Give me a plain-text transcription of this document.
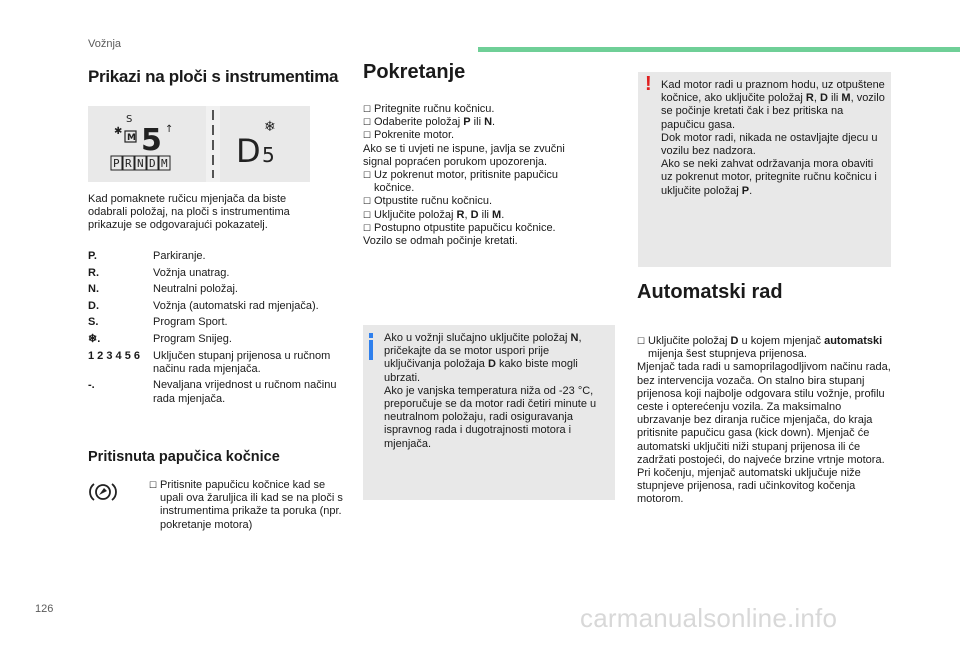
Vožnja
Prikazi na ploči s instrumentima
S
✱
M 5 ↑
P R N D M
❄
D 5
Kad pomaknete ručicu mjenjača da biste odabrali položaj, na ploči s instrumentima prikazuje se odgovarajući pokazatelj.
P.	Parkiranje.
R.	Vožnja unatrag.
N.	Neutralni položaj.
D.	Vožnja (automatski rad mjenjača).
S.	Program Sport.
❄.	Program Snijeg.
1 2 3 4 5 6 Uključen stupanj prijenosa u ručnom načinu rada mjenjača.
-.	Nevaljana vrijednost u ručnom načinu rada mjenjača.
Pritisnuta papučica kočnice
☐ Pritisnite papučicu kočnice kad se upali ova žaruljica ili kad se na ploči s instrumentima prikaže ta poruka (npr. pokretanje motora)
Pokretanje
☐ Pritegnite ručnu kočnicu.
☐ Odaberite položaj P ili N.
☐ Pokrenite motor.
Ako se ti uvjeti ne ispune, javlja se zvučni signal popraćen porukom upozorenja.
☐ Uz pokrenut motor, pritisnite papučicu kočnice.
☐ Otpustite ručnu kočnicu.
☐ Uključite položaj R, D ili M.
☐ Postupno otpustite papučicu kočnice.
Vozilo se odmah počinje kretati.
Ako u vožnji slučajno uključite položaj N, pričekajte da se motor uspori prije uključivanja položaja D kako biste mogli ubrzati.
Ako je vanjska temperatura niža od -23 °C, preporučuje se da motor radi četiri minute u neutralnom položaju, radi osiguravanja ispravnog rada i dugotrajnosti motora i mjenjača.
! Kad motor radi u praznom hodu, uz otpuštene kočnice, ako uključite položaj R, D ili M, vozilo se počinje kretati čak i bez pritiska na papučicu gasa.
Dok motor radi, nikada ne ostavljajte djecu u vozilu bez nadzora.
Ako se neki zahvat održavanja mora obaviti uz pokrenut motor, pritegnite ručnu kočnicu i uključite položaj P.
Automatski rad
☐ Uključite položaj D u kojem mjenjač automatski mijenja šest stupnjeva prijenosa.
Mjenjač tada radi u samoprilagodljivom načinu rada, bez intervencija vozača. On stalno bira stupanj prijenosa koji najbolje odgovara stilu vožnje, profilu ceste i opterećenju vozila. Za maksimalno ubrzavanje bez diranja ručice mjenjača, do kraja pritisnite papučicu gasa (kick down). Mjenjač će automatski uključiti niži stupanj prijenosa ili će zadržati postojeći, do najveće brzine vrtnje motora. Pri kočenju, mjenjač automatski uključuje niže stupnjeve prijenosa, radi učinkovitog kočenja motorom.
126	carmanualsonline.info
